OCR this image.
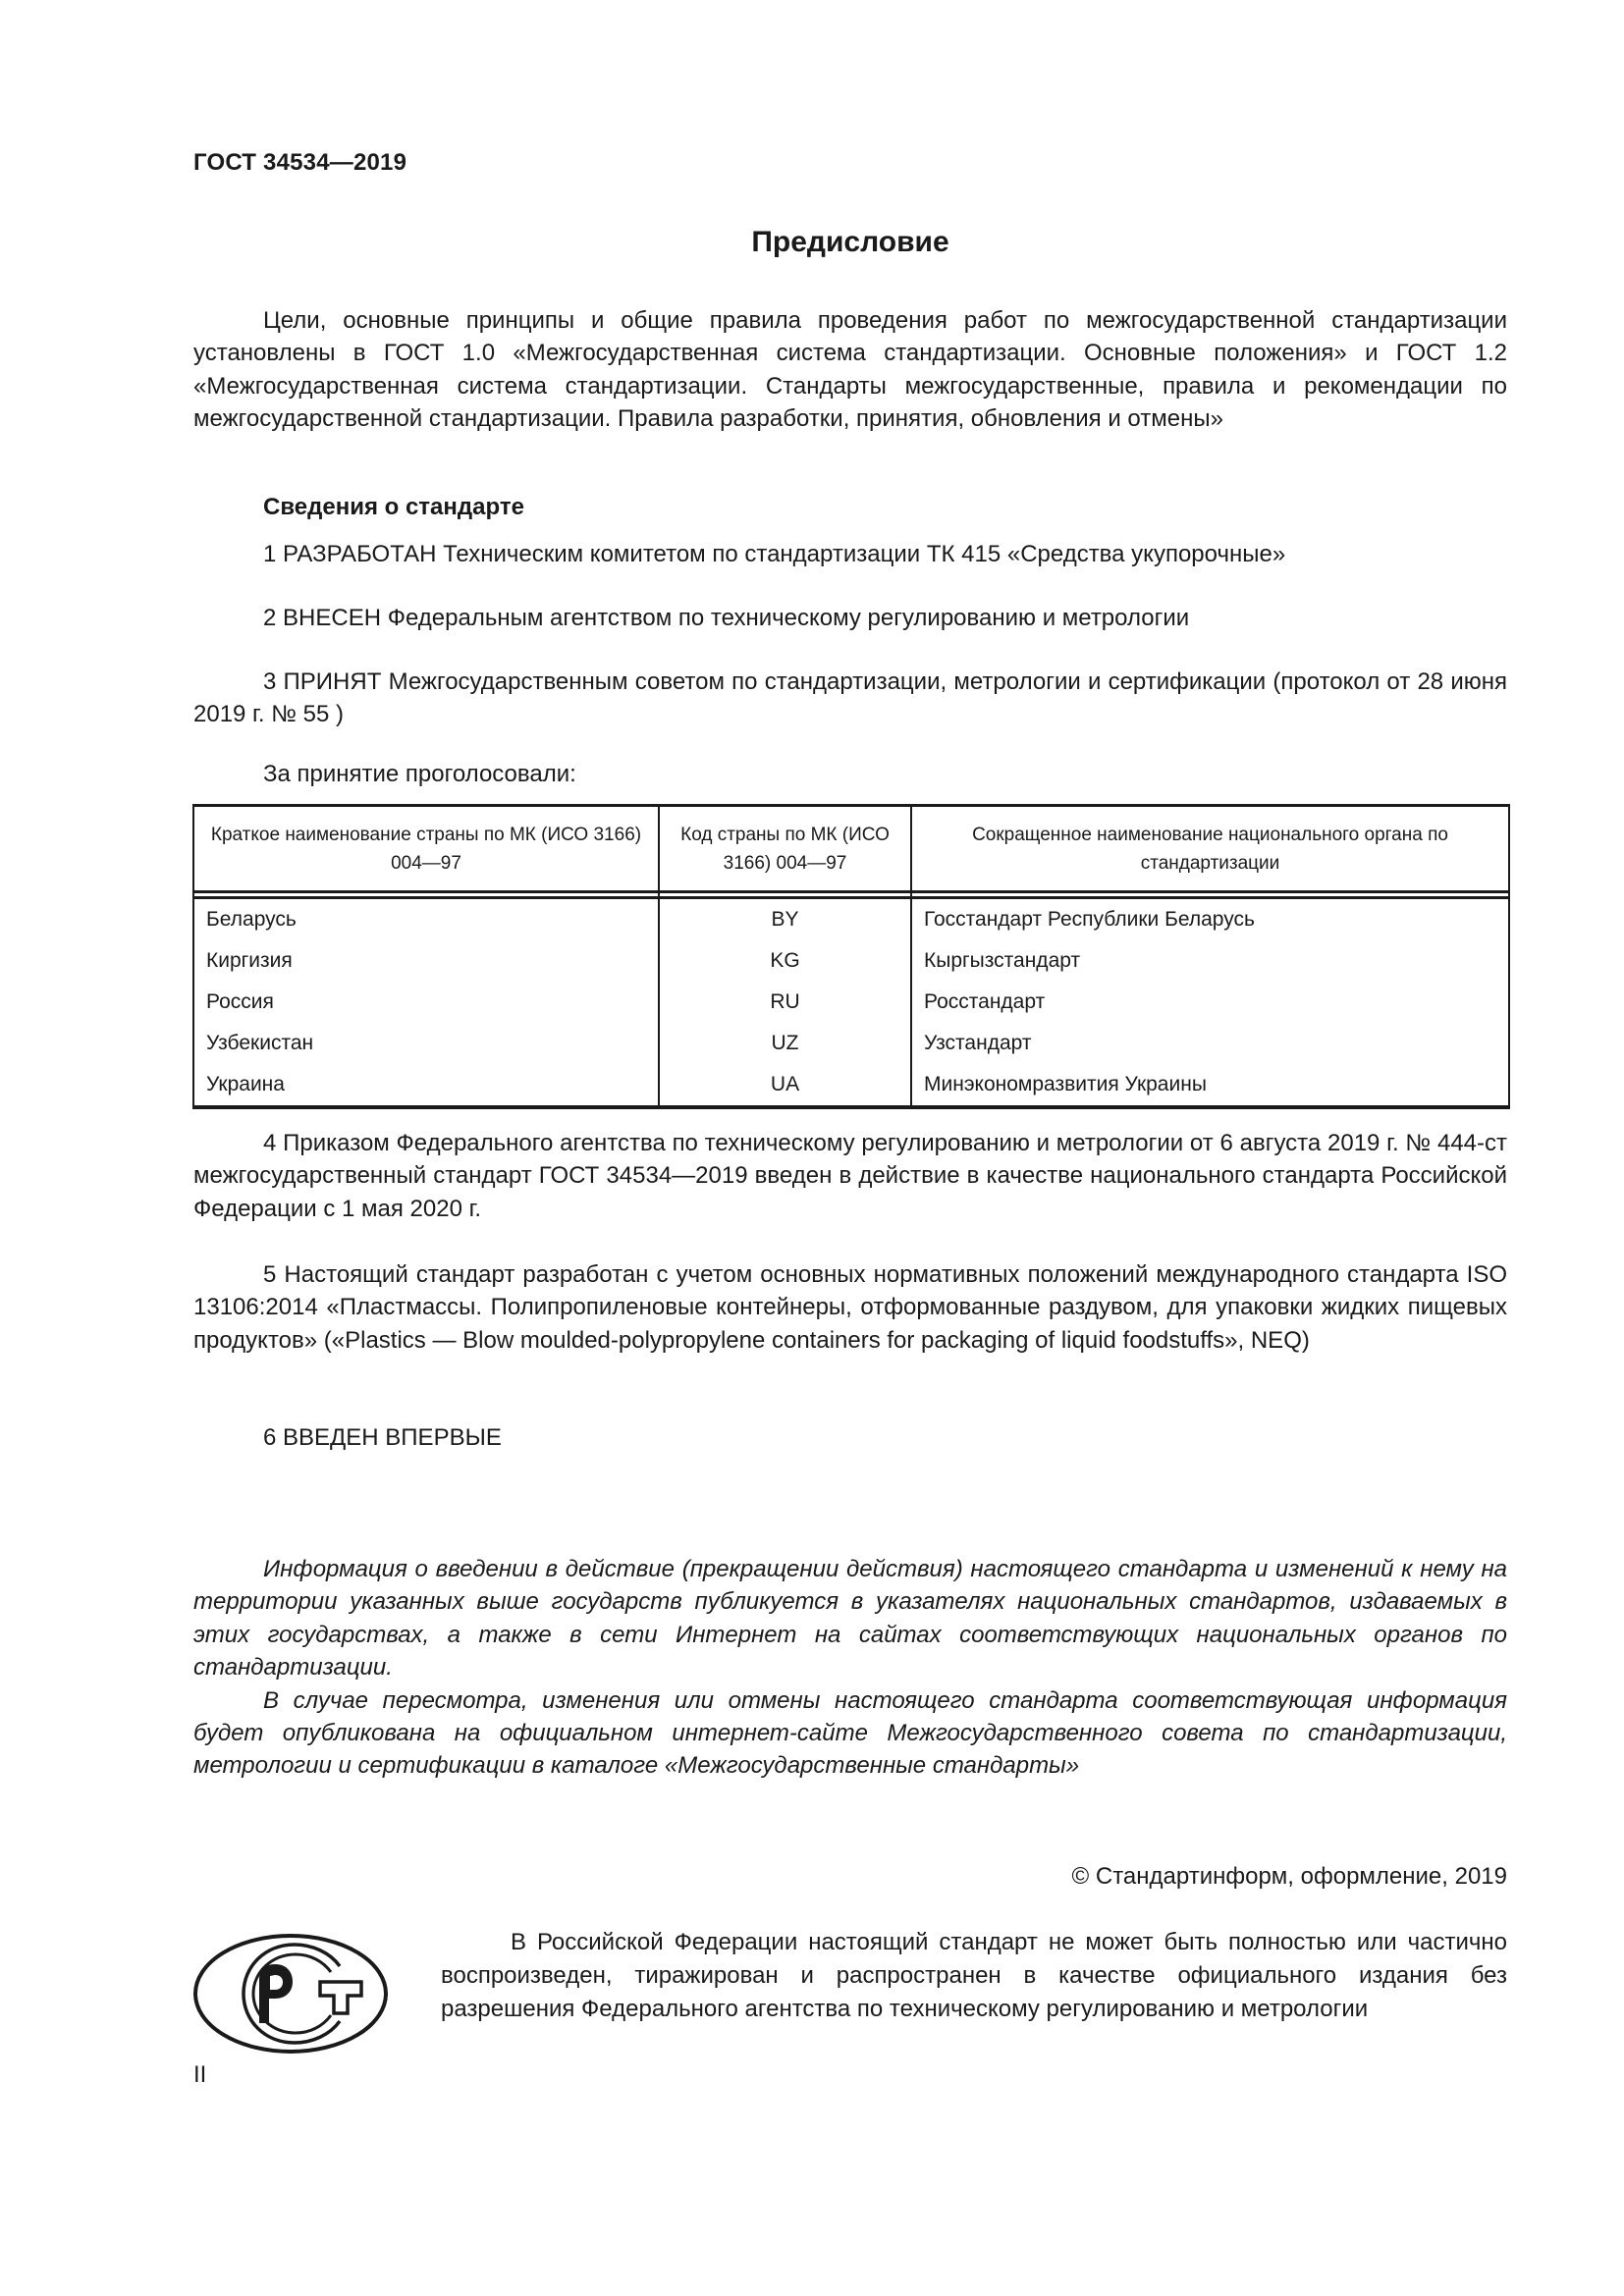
ГОСТ 34534—2019
Предисловие

Цели, основные принципы и общие правила проведения работ по межгосударственной стандартизации установлены в ГОСТ 1.0 «Межгосударственная система стандартизации. Основные положения» и ГОСТ 1.2 «Межгосударственная система стандартизации. Стандарты межгосударственные, правила и рекомендации по межгосударственной стандартизации. Правила разработки, принятия, обновления и отмены»

Сведения о стандарте

1 РАЗРАБОТАН Техническим комитетом по стандартизации ТК 415 «Средства укупорочные»

2 ВНЕСЕН Федеральным агентством по техническому регулированию и метрологии

3 ПРИНЯТ Межгосударственным советом по стандартизации, метрологии и сертификации (протокол от 28 июня 2019 г. № 55 )

За принятие проголосовали:

Краткое наименование страны по МК (ИСО 3166) 004—97	Код страны по МК (ИСО 3166) 004—97	Сокращенное наименование национального органа по стандартизации

Беларусь	BY	Госстандарт Республики Беларусь
Киргизия	KG	Кыргызстандарт
Россия	RU	Росстандарт
Узбекистан	UZ	Узстандарт
Украина	UA	Минэкономразвития Украины

4 Приказом Федерального агентства по техническому регулированию и метрологии от 6 августа 2019 г. № 444-ст межгосударственный стандарт ГОСТ 34534—2019 введен в действие в качестве национального стандарта Российской Федерации с 1 мая 2020 г.

5 Настоящий стандарт разработан с учетом основных нормативных положений международного стандарта ISO 13106:2014 «Пластмассы. Полипропиленовые контейнеры, отформованные раздувом, для упаковки жидких пищевых продуктов» («Plastics — Blow moulded-polypropylene containers for packaging of liquid foodstuffs», NEQ)

6 ВВЕДЕН ВПЕРВЫЕ

Информация о введении в действие (прекращении действия) настоящего стандарта и изменений к нему на территории указанных выше государств публикуется в указателях национальных стандартов, издаваемых в этих государствах, а также в сети Интернет на сайтах соответствующих национальных органов по стандартизации.

В случае пересмотра, изменения или отмены настоящего стандарта соответствующая информация будет опубликована на официальном интернет-сайте Межгосударственного совета по стандартизации, метрологии и сертификации в каталоге «Межгосударственные стандарты»

© Стандартинформ, оформление, 2019

В Российской Федерации настоящий стандарт не может быть полностью или частично воспроизведен, тиражирован и распространен в качестве официального издания без разрешения Федерального агентства по техническому регулированию и метрологии

II
